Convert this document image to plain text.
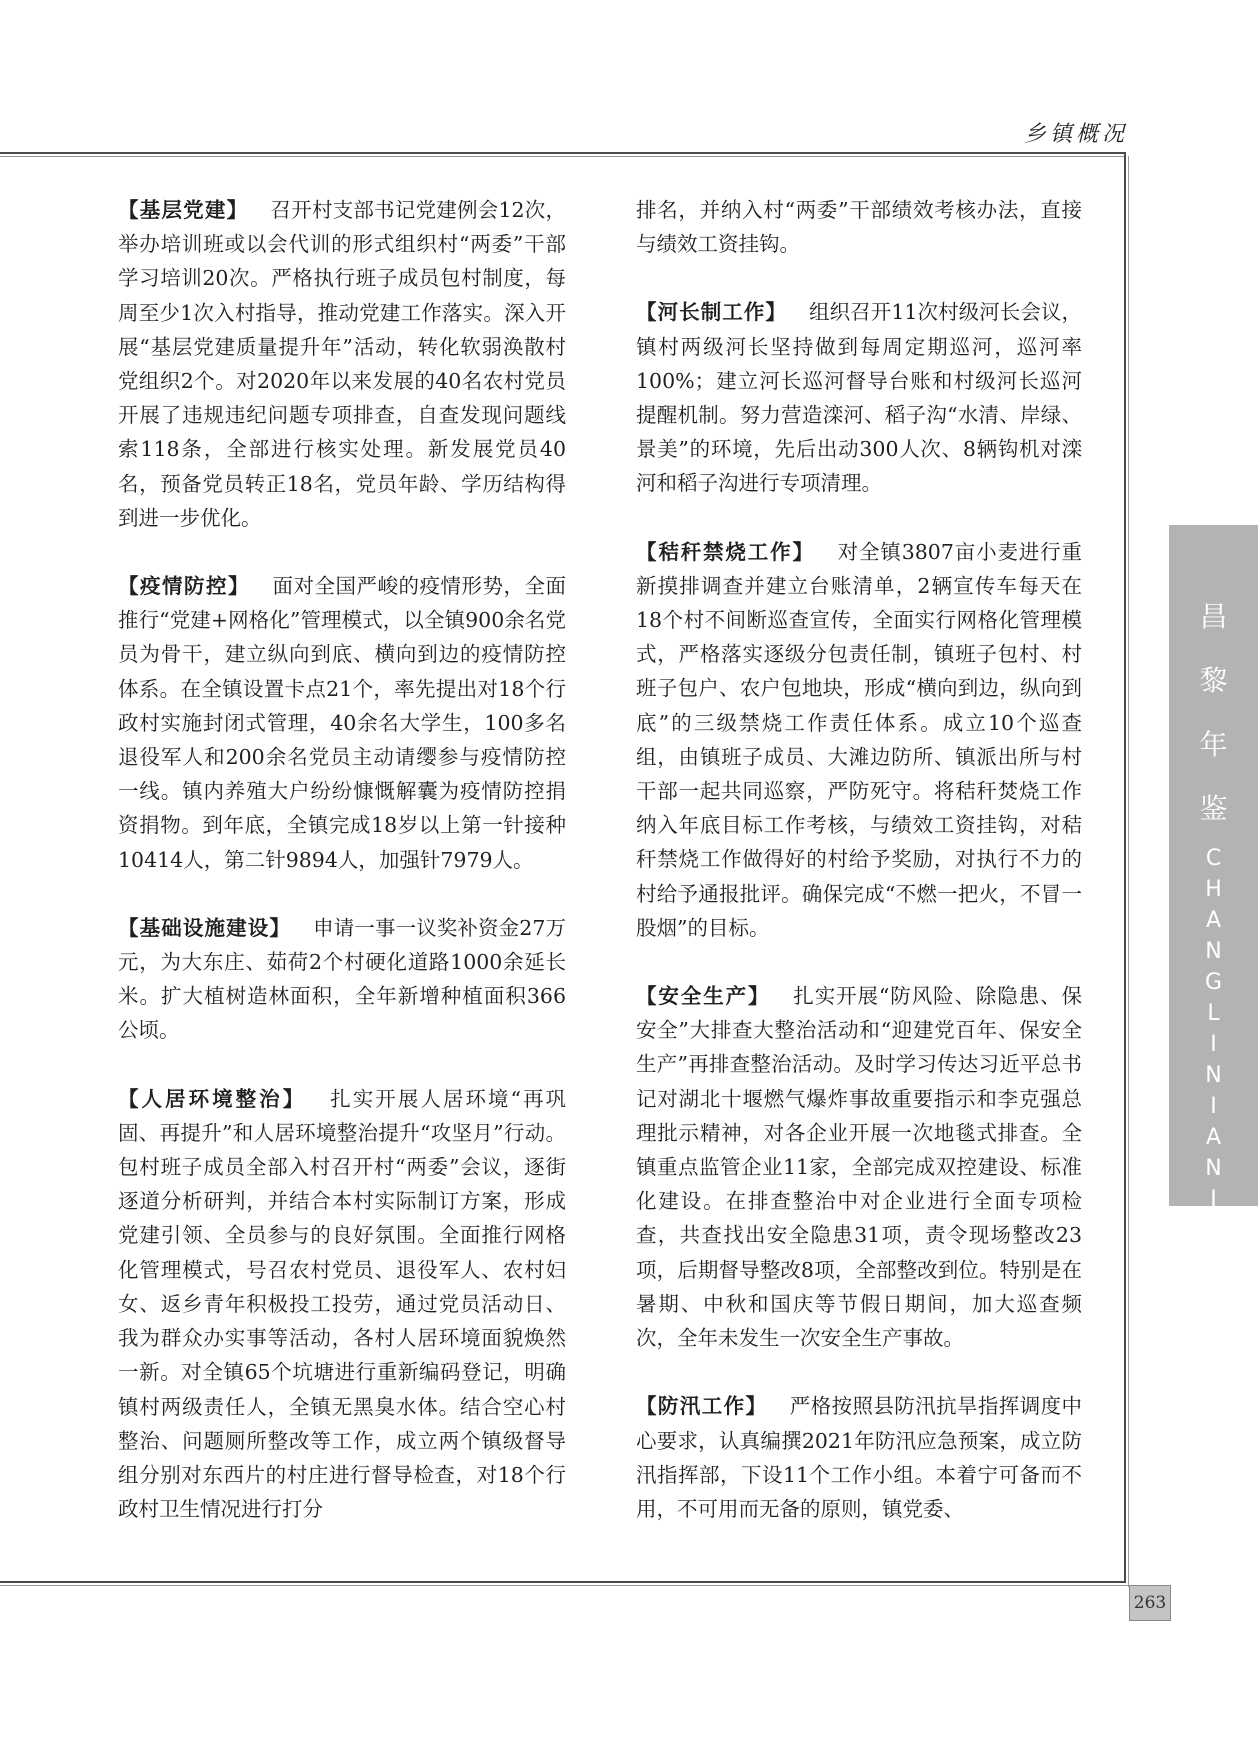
乡镇概况

【基层党建】 召开村支部书记党建例会12次，举办培训班或以会代训的形式组织村“两委”干部学习培训20次。严格执行班子成员包村制度，每周至少1次入村指导，推动党建工作落实。深入开展“基层党建质量提升年”活动，转化软弱涣散村党组织2个。对2020年以来发展的40名农村党员开展了违规违纪问题专项排查，自查发现问题线索118条，全部进行核实处理。新发展党员40名，预备党员转正18名，党员年龄、学历结构得到进一步优化。

【疫情防控】 面对全国严峻的疫情形势，全面推行“党建+网格化”管理模式，以全镇900余名党员为骨干，建立纵向到底、横向到边的疫情防控体系。在全镇设置卡点21个，率先提出对18个行政村实施封闭式管理，40余名大学生，100多名退役军人和200余名党员主动请缨参与疫情防控一线。镇内养殖大户纷纷慷慨解囊为疫情防控捐资捐物。到年底，全镇完成18岁以上第一针接种10414人，第二针9894人，加强针7979人。

【基础设施建设】 申请一事一议奖补资金27万元，为大东庄、茹荷2个村硬化道路1000余延长米。扩大植树造林面积，全年新增种植面积366公顷。

【人居环境整治】 扎实开展人居环境“再巩固、再提升”和人居环境整治提升“攻坚月”行动。包村班子成员全部入村召开村“两委”会议，逐街逐道分析研判，并结合本村实际制订方案，形成党建引领、全员参与的良好氛围。全面推行网格化管理模式，号召农村党员、退役军人、农村妇女、返乡青年积极投工投劳，通过党员活动日、我为群众办实事等活动，各村人居环境面貌焕然一新。对全镇65个坑塘进行重新编码登记，明确镇村两级责任人，全镇无黑臭水体。结合空心村整治、问题厕所整改等工作，成立两个镇级督导组分别对东西片的村庄进行督导检查，对18个行政村卫生情况进行打分

排名，并纳入村“两委”干部绩效考核办法，直接与绩效工资挂钩。

【河长制工作】 组织召开11次村级河长会议，镇村两级河长坚持做到每周定期巡河，巡河率100%；建立河长巡河督导台账和村级河长巡河提醒机制。努力营造滦河、稻子沟“水清、岸绿、景美”的环境，先后出动300人次、8辆钩机对滦河和稻子沟进行专项清理。

【秸秆禁烧工作】 对全镇3807亩小麦进行重新摸排调查并建立台账清单，2辆宣传车每天在18个村不间断巡查宣传，全面实行网格化管理模式，严格落实逐级分包责任制，镇班子包村、村班子包户、农户包地块，形成“横向到边，纵向到底”的三级禁烧工作责任体系。成立10个巡查组，由镇班子成员、大滩边防所、镇派出所与村干部一起共同巡察，严防死守。将秸秆焚烧工作纳入年底目标工作考核，与绩效工资挂钩，对秸秆禁烧工作做得好的村给予奖励，对执行不力的村给予通报批评。确保完成“不燃一把火，不冒一股烟”的目标。

【安全生产】 扎实开展“防风险、除隐患、保安全”大排查大整治活动和“迎建党百年、保安全生产”再排查整治活动。及时学习传达习近平总书记对湖北十堰燃气爆炸事故重要指示和李克强总理批示精神，对各企业开展一次地毯式排查。全镇重点监管企业11家，全部完成双控建设、标准化建设。在排查整治中对企业进行全面专项检查，共查找出安全隐患31项，责令现场整改23项，后期督导整改8项，全部整改到位。特别是在暑期、中秋和国庆等节假日期间，加大巡查频次，全年未发生一次安全生产事故。

【防汛工作】 严格按照县防汛抗旱指挥调度中心要求，认真编撰2021年防汛应急预案，成立防汛指挥部，下设11个工作小组。本着宁可备而不用，不可用而无备的原则，镇党委、

昌
黎
年
鉴
C
H
A
N
G
L
I
N
I
A
N
J
I
A
N
263
